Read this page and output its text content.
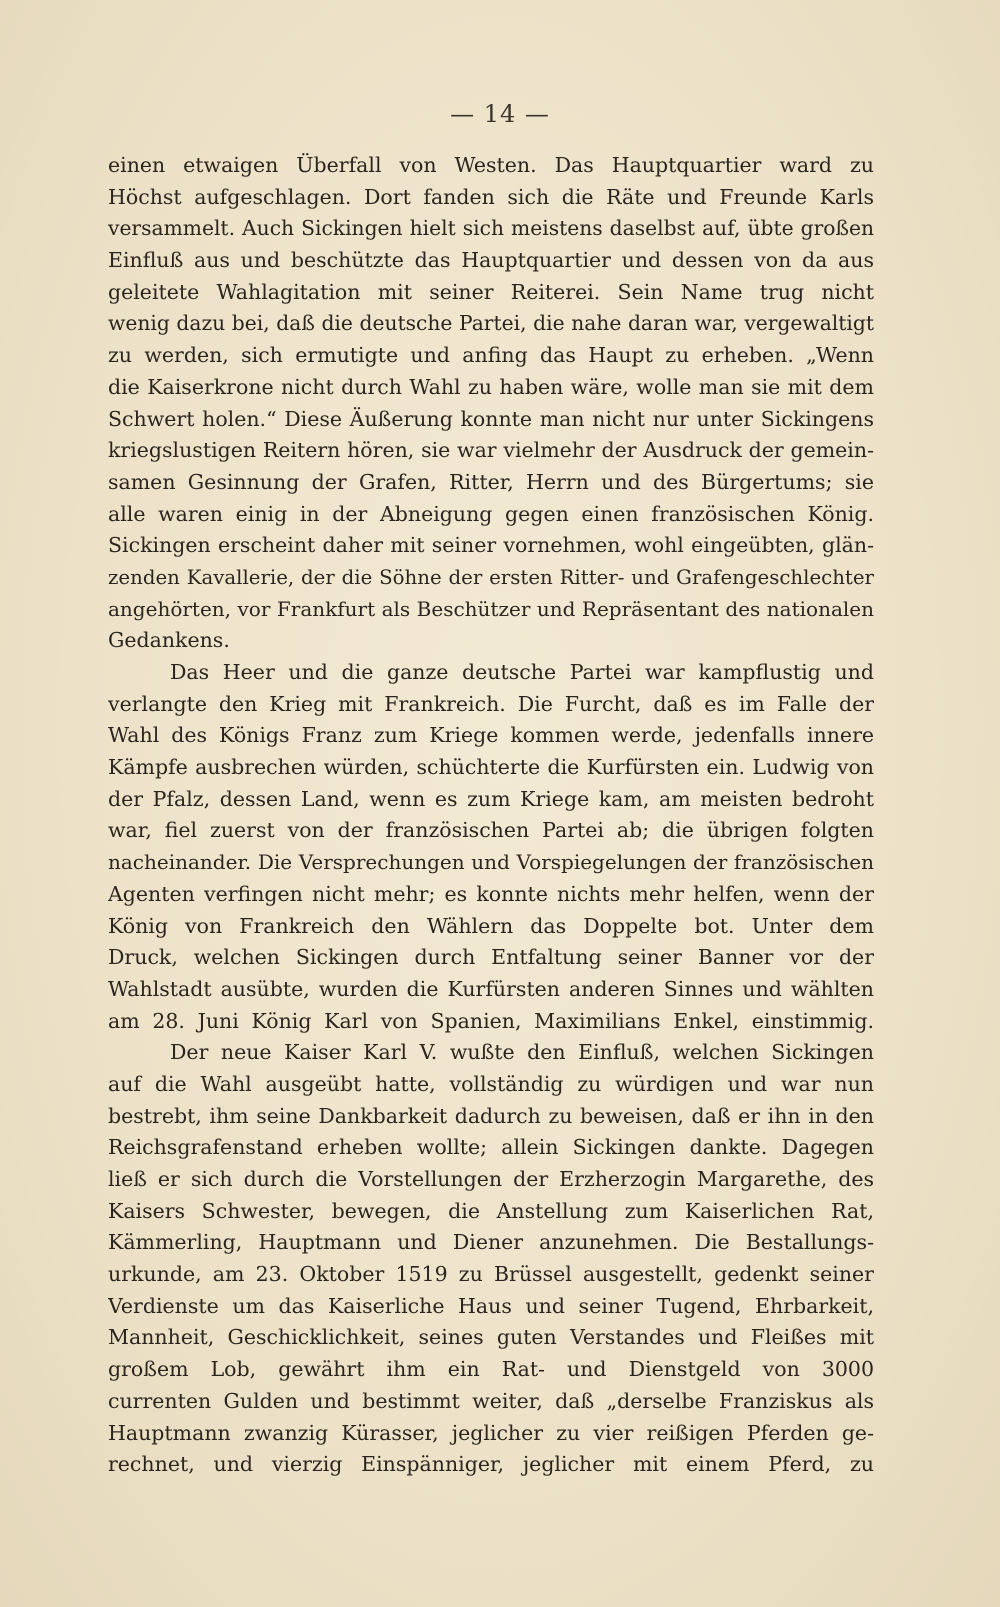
— 14 —
einen etwaigen Überfall von Westen. Das Hauptquartier ward zu
Höchst aufgeschlagen. Dort fanden sich die Räte und Freunde Karls
versammelt. Auch Sickingen hielt sich meistens daselbst auf, übte großen
Einfluß aus und beschützte das Hauptquartier und dessen von da aus
geleitete Wahlagitation mit seiner Reiterei. Sein Name trug nicht
wenig dazu bei, daß die deutsche Partei, die nahe daran war, vergewaltigt
zu werden, sich ermutigte und anfing das Haupt zu erheben. „Wenn
die Kaiserkrone nicht durch Wahl zu haben wäre, wolle man sie mit dem
Schwert holen.“ Diese Äußerung konnte man nicht nur unter Sickingens
kriegslustigen Reitern hören, sie war vielmehr der Ausdruck der gemein-
samen Gesinnung der Grafen, Ritter, Herrn und des Bürgertums; sie
alle waren einig in der Abneigung gegen einen französischen König.
Sickingen erscheint daher mit seiner vornehmen, wohl eingeübten, glän-
zenden Kavallerie, der die Söhne der ersten Ritter- und Grafengeschlechter
angehörten, vor Frankfurt als Beschützer und Repräsentant des nationalen
Gedankens.
Das Heer und die ganze deutsche Partei war kampflustig und
verlangte den Krieg mit Frankreich. Die Furcht, daß es im Falle der
Wahl des Königs Franz zum Kriege kommen werde, jedenfalls innere
Kämpfe ausbrechen würden, schüchterte die Kurfürsten ein. Ludwig von
der Pfalz, dessen Land, wenn es zum Kriege kam, am meisten bedroht
war, fiel zuerst von der französischen Partei ab; die übrigen folgten
nacheinander. Die Versprechungen und Vorspiegelungen der französischen
Agenten verfingen nicht mehr; es konnte nichts mehr helfen, wenn der
König von Frankreich den Wählern das Doppelte bot. Unter dem
Druck, welchen Sickingen durch Entfaltung seiner Banner vor der
Wahlstadt ausübte, wurden die Kurfürsten anderen Sinnes und wählten
am 28. Juni König Karl von Spanien, Maximilians Enkel, einstimmig.
Der neue Kaiser Karl V. wußte den Einfluß, welchen Sickingen
auf die Wahl ausgeübt hatte, vollständig zu würdigen und war nun
bestrebt, ihm seine Dankbarkeit dadurch zu beweisen, daß er ihn in den
Reichsgrafenstand erheben wollte; allein Sickingen dankte. Dagegen
ließ er sich durch die Vorstellungen der Erzherzogin Margarethe, des
Kaisers Schwester, bewegen, die Anstellung zum Kaiserlichen Rat,
Kämmerling, Hauptmann und Diener anzunehmen. Die Bestallungs-
urkunde, am 23. Oktober 1519 zu Brüssel ausgestellt, gedenkt seiner
Verdienste um das Kaiserliche Haus und seiner Tugend, Ehrbarkeit,
Mannheit, Geschicklichkeit, seines guten Verstandes und Fleißes mit
großem Lob, gewährt ihm ein Rat- und Dienstgeld von 3000
currenten Gulden und bestimmt weiter, daß „derselbe Franziskus als
Hauptmann zwanzig Kürasser, jeglicher zu vier reißigen Pferden ge-
rechnet, und vierzig Einspänniger, jeglicher mit einem Pferd, zu
